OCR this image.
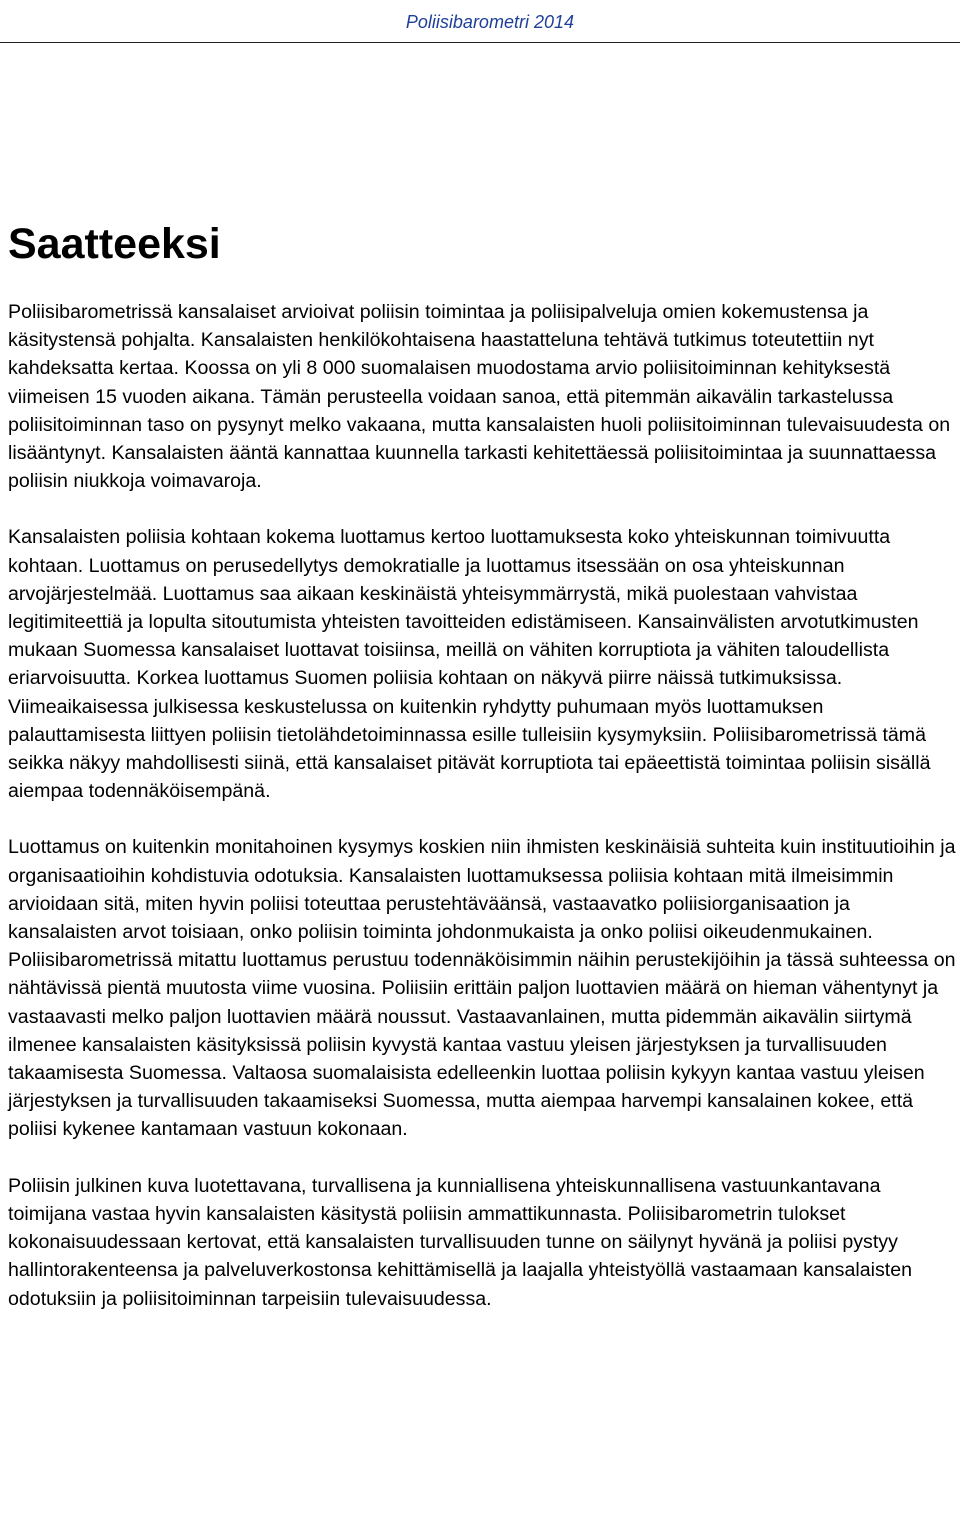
Poliisibarometri 2014
Saatteeksi

Poliisibarometrissä kansalaiset arvioivat poliisin toimintaa ja poliisipalveluja omien kokemustensa ja käsitystensä pohjalta. Kansalaisten henkilökohtaisena haastatteluna tehtävä tutkimus toteutettiin nyt kahdeksatta kertaa. Koossa on yli 8 000 suomalaisen muodostama arvio poliisitoiminnan kehityksestä viimeisen 15 vuoden aikana. Tämän perusteella voidaan sanoa, että pitemmän aikavälin tarkastelussa poliisitoiminnan taso on pysynyt melko vakaana, mutta kansalaisten huoli poliisitoiminnan tulevaisuudesta on lisääntynyt. Kansalaisten ääntä kannattaa kuunnella tarkasti kehitettäessä poliisitoimintaa ja suunnattaessa poliisin niukkoja voimavaroja.

Kansalaisten poliisia kohtaan kokema luottamus kertoo luottamuksesta koko yhteiskunnan toimivuutta kohtaan. Luottamus on perusedellytys demokratialle ja luottamus itsessään on osa yhteiskunnan arvojärjestelmää. Luottamus saa aikaan keskinäistä yhteisymmärrystä, mikä puolestaan vahvistaa legitimiteettiä ja lopulta sitoutumista yhteisten tavoitteiden edistämiseen. Kansainvälisten arvotutkimusten mukaan Suomessa kansalaiset luottavat toisiinsa, meillä on vähiten korruptiota ja vähiten taloudellista eriarvoisuutta. Korkea luottamus Suomen poliisia kohtaan on näkyvä piirre näissä tutkimuksissa. Viimeaikaisessa julkisessa keskustelussa on kuitenkin ryhdytty puhumaan myös luottamuksen palauttamisesta liittyen poliisin tietolähdetoiminnassa esille tulleisiin kysymyksiin. Poliisibarometrissä tämä seikka näkyy mahdollisesti siinä, että kansalaiset pitävät korruptiota tai epäeettistä toimintaa poliisin sisällä aiempaa todennäköisempänä.

Luottamus on kuitenkin monitahoinen kysymys koskien niin ihmisten keskinäisiä suhteita kuin instituutioihin ja organisaatioihin kohdistuvia odotuksia. Kansalaisten luottamuksessa poliisia kohtaan mitä ilmeisimmin arvioidaan sitä, miten hyvin poliisi toteuttaa perustehtäväänsä, vastaavatko poliisiorganisaation ja kansalaisten arvot toisiaan, onko poliisin toiminta johdonmukaista ja onko poliisi oikeudenmukainen. Poliisibarometrissä mitattu luottamus perustuu todennäköisimmin näihin perustekijöihin ja tässä suhteessa on nähtävissä pientä muutosta viime vuosina. Poliisiin erittäin paljon luottavien määrä on hieman vähentynyt ja vastaavasti melko paljon luottavien määrä noussut. Vastaavanlainen, mutta pidemmän aikavälin siirtymä ilmenee kansalaisten käsityksissä poliisin kyvystä kantaa vastuu yleisen järjestyksen ja turvallisuuden takaamisesta Suomessa. Valtaosa suomalaisista edelleenkin luottaa poliisin kykyyn kantaa vastuu yleisen järjestyksen ja turvallisuuden takaamiseksi Suomessa, mutta aiempaa harvempi kansalainen kokee, että poliisi kykenee kantamaan vastuun kokonaan.

Poliisin julkinen kuva luotettavana, turvallisena ja kunniallisena yhteiskunnallisena vastuunkantavana toimijana vastaa hyvin kansalaisten käsitystä poliisin ammattikunnasta. Poliisibarometrin tulokset kokonaisuudessaan kertovat, että kansalaisten turvallisuuden tunne on säilynyt hyvänä ja poliisi pystyy hallintorakenteensa ja palveluverkostonsa kehittämisellä ja laajalla yhteistyöllä vastaamaan kansalaisten odotuksiin ja poliisitoiminnan tarpeisiin tulevaisuudessa.
